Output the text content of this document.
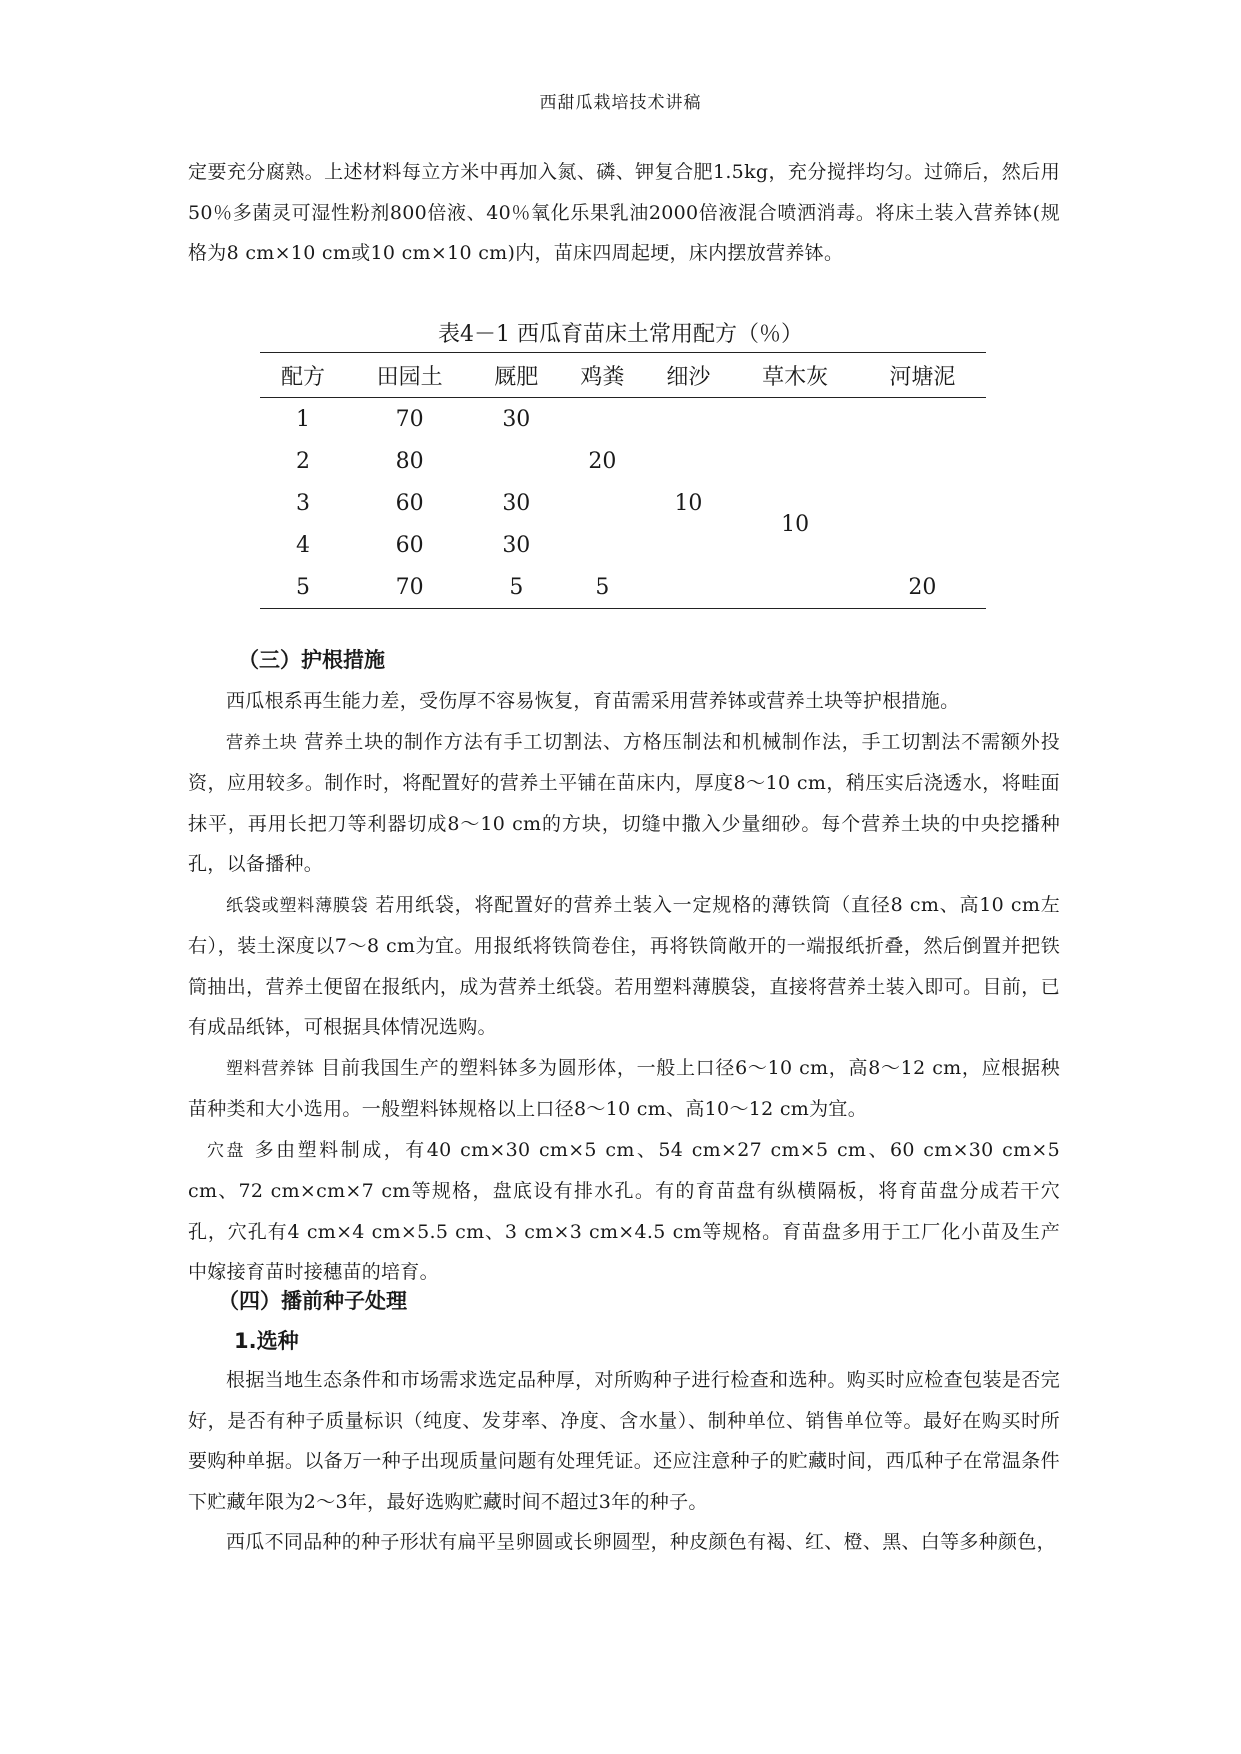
西甜瓜栽培技术讲稿

定要充分腐熟。上述材料每立方米中再加入氮、磷、钾复合肥1.5kg，充分搅拌均匀。过筛后，然后用50％多菌灵可湿性粉剂800倍液、40％氧化乐果乳油2000倍液混合喷洒消毒。将床土装入营养钵(规格为8 cm×10 cm或10 cm×10 cm)内，苗床四周起埂，床内摆放营养钵。

表4－1 西瓜育苗床土常用配方（％）
配方	田园土	厩肥	鸡粪	细沙	草木灰	河塘泥
1	70	30				
2	80		20			
3	60	30		10	10	
4	60	30				
5	70	5	5			20
（三）护根措施

西瓜根系再生能力差，受伤厚不容易恢复，育苗需采用营养钵或营养土块等护根措施。

营养土块 营养土块的制作方法有手工切割法、方格压制法和机械制作法，手工切割法不需额外投资，应用较多。制作时，将配置好的营养土平铺在苗床内，厚度8～10 cm，稍压实后浇透水，将畦面抹平，再用长把刀等利器切成8～10 cm的方块，切缝中撒入少量细砂。每个营养土块的中央挖播种孔，以备播种。

纸袋或塑料薄膜袋 若用纸袋，将配置好的营养土装入一定规格的薄铁筒（直径8 cm、高10 cm左右），装土深度以7～8 cm为宜。用报纸将铁筒卷住，再将铁筒敞开的一端报纸折叠，然后倒置并把铁筒抽出，营养土便留在报纸内，成为营养土纸袋。若用塑料薄膜袋，直接将营养土装入即可。目前，已有成品纸钵，可根据具体情况选购。

塑料营养钵 目前我国生产的塑料钵多为圆形体，一般上口径6～10 cm，高8～12 cm，应根据秧苗种类和大小选用。一般塑料钵规格以上口径8～10 cm、高10～12 cm为宜。

穴盘 多由塑料制成，有40 cm×30 cm×5 cm、54 cm×27 cm×5 cm、60 cm×30 cm×5 cm、72 cm×cm×7 cm等规格，盘底设有排水孔。有的育苗盘有纵横隔板，将育苗盘分成若干穴孔，穴孔有4 cm×4 cm×5.5 cm、3 cm×3 cm×4.5 cm等规格。育苗盘多用于工厂化小苗及生产中嫁接育苗时接穗苗的培育。

（四）播前种子处理
1.选种

根据当地生态条件和市场需求选定品种厚，对所购种子进行检查和选种。购买时应检查包装是否完好，是否有种子质量标识（纯度、发芽率、净度、含水量）、制种单位、销售单位等。最好在购买时所要购种单据。以备万一种子出现质量问题有处理凭证。还应注意种子的贮藏时间，西瓜种子在常温条件下贮藏年限为2～3年，最好选购贮藏时间不超过3年的种子。

西瓜不同品种的种子形状有扁平呈卵圆或长卵圆型，种皮颜色有褐、红、橙、黑、白等多种颜色，
